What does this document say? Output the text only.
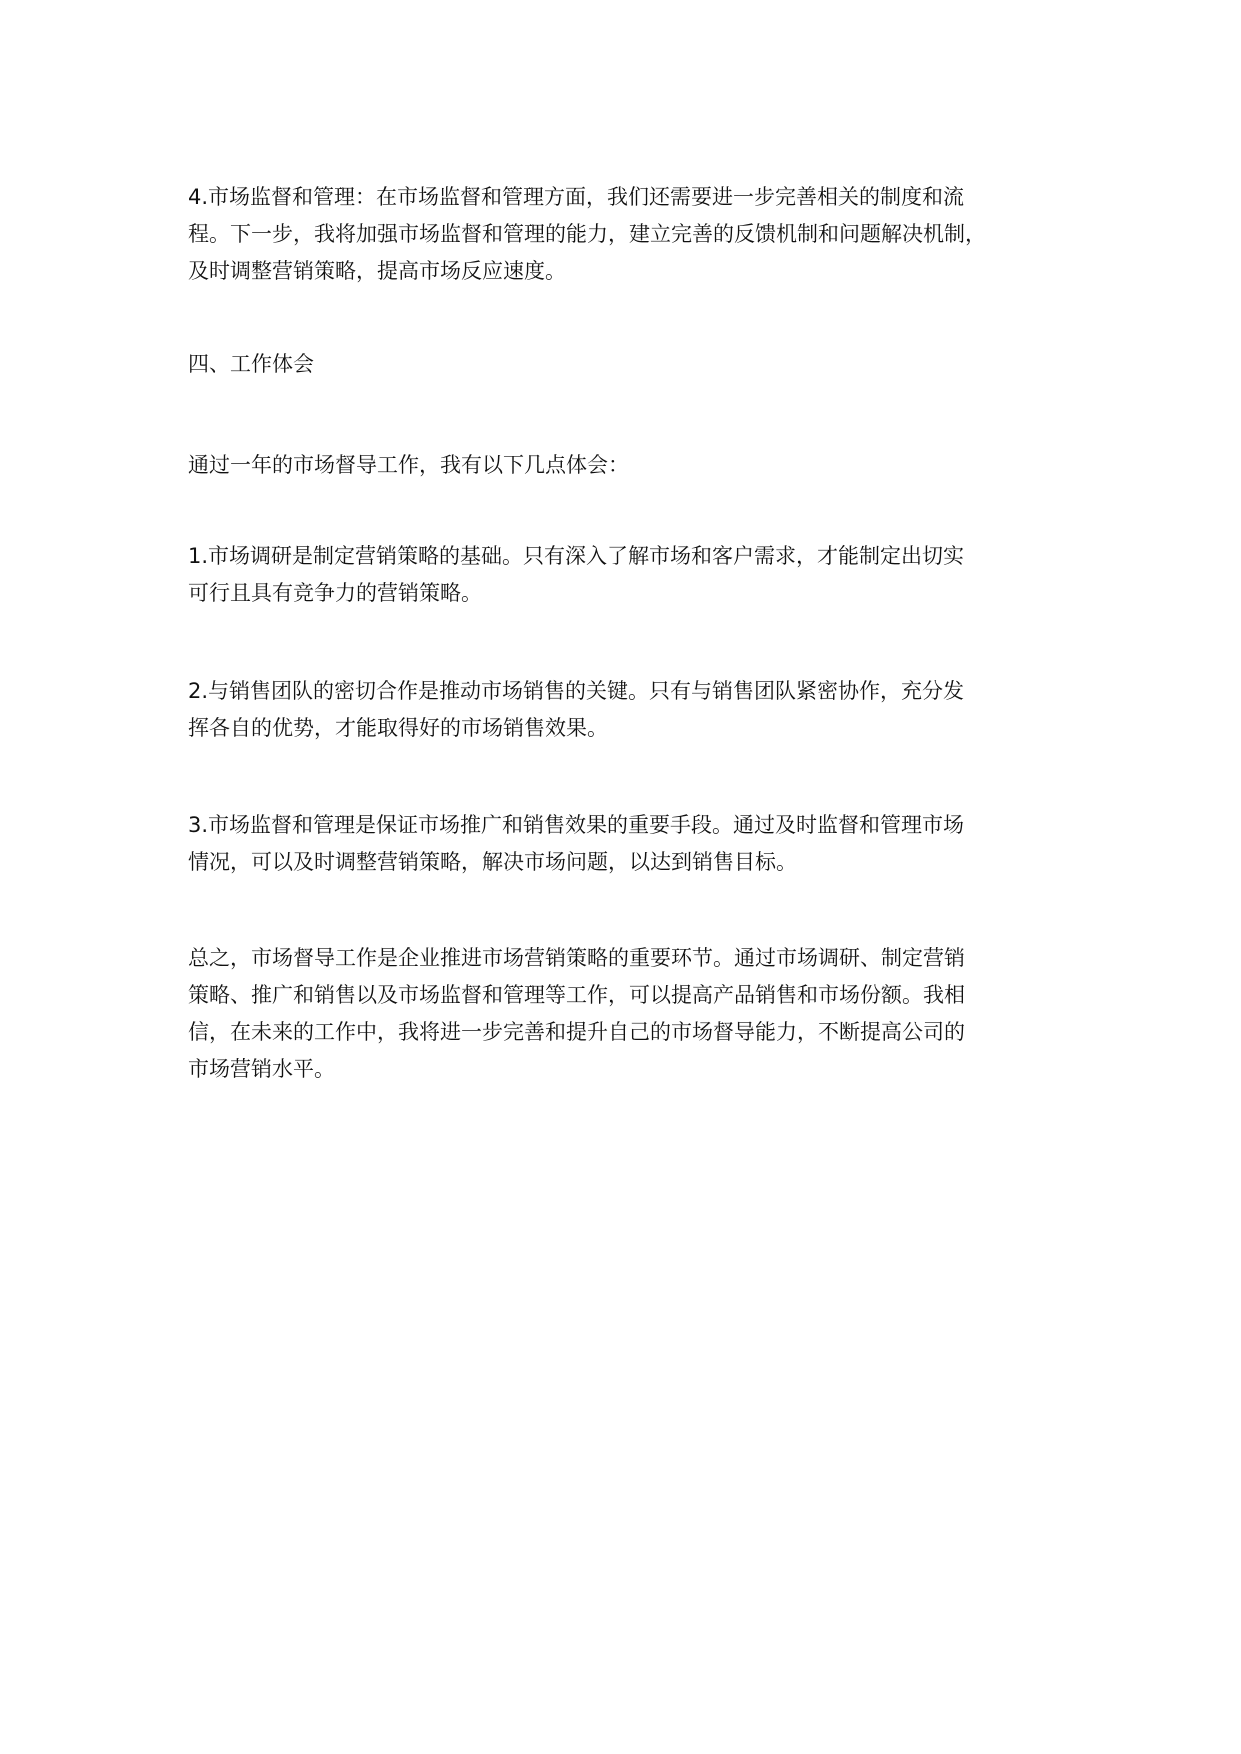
4.市场监督和管理：在市场监督和管理方面，我们还需要进一步完善相关的制度和流
程。下一步，我将加强市场监督和管理的能力，建立完善的反馈机制和问题解决机制，
及时调整营销策略，提高市场反应速度。
四、工作体会
通过一年的市场督导工作，我有以下几点体会：
1.市场调研是制定营销策略的基础。只有深入了解市场和客户需求，才能制定出切实
可行且具有竞争力的营销策略。
2.与销售团队的密切合作是推动市场销售的关键。只有与销售团队紧密协作，充分发
挥各自的优势，才能取得好的市场销售效果。
3.市场监督和管理是保证市场推广和销售效果的重要手段。通过及时监督和管理市场
情况，可以及时调整营销策略，解决市场问题，以达到销售目标。
总之，市场督导工作是企业推进市场营销策略的重要环节。通过市场调研、制定营销
策略、推广和销售以及市场监督和管理等工作，可以提高产品销售和市场份额。我相
信，在未来的工作中，我将进一步完善和提升自己的市场督导能力，不断提高公司的
市场营销水平。
